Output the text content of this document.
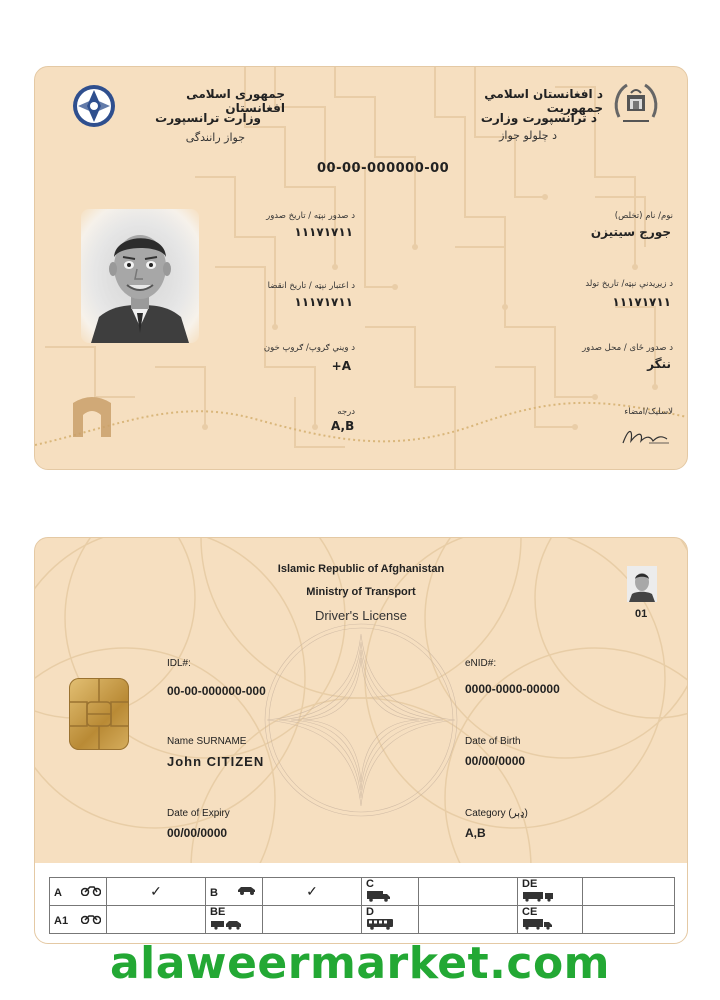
جمهوری اسلامی افغانستان
وزارت ترانسپورت
جواز رانندگی
د افغانستان اسلامي جمهوريت
د ترانسپورت وزارت
د چلولو جواز
00-00-000000-00
د صدور نېټه / تاریخ صدور
١١١٧١٧١١
د اعتبار نېټه / تاریخ انقضا
١١١٧١٧١١
د ويني ګروپ/ ګروپ خون
A+
درجه
A,B
نوم/ نام (تخلص)
جورج سیتیزن
د زيږيدنې نېټه/ تاریخ تولد
١١١٧١٧١١
د صدور ځای / محل صدور
ننگر
لاسلیک/امضاء
Islamic Republic of Afghanistan
Ministry of Transport
Driver's License	01
IDL#:
00-00-000000-000
eNID#:
0000-0000-00000
Name SURNAME
John CITIZEN
Date of Birth
00/00/0000
Date of Expiry
00/00/0000
Category (ډېر)
A,B
A	✓	B	✓	C		DE	
A1		BE		D		CE	
alaweermarket.com
